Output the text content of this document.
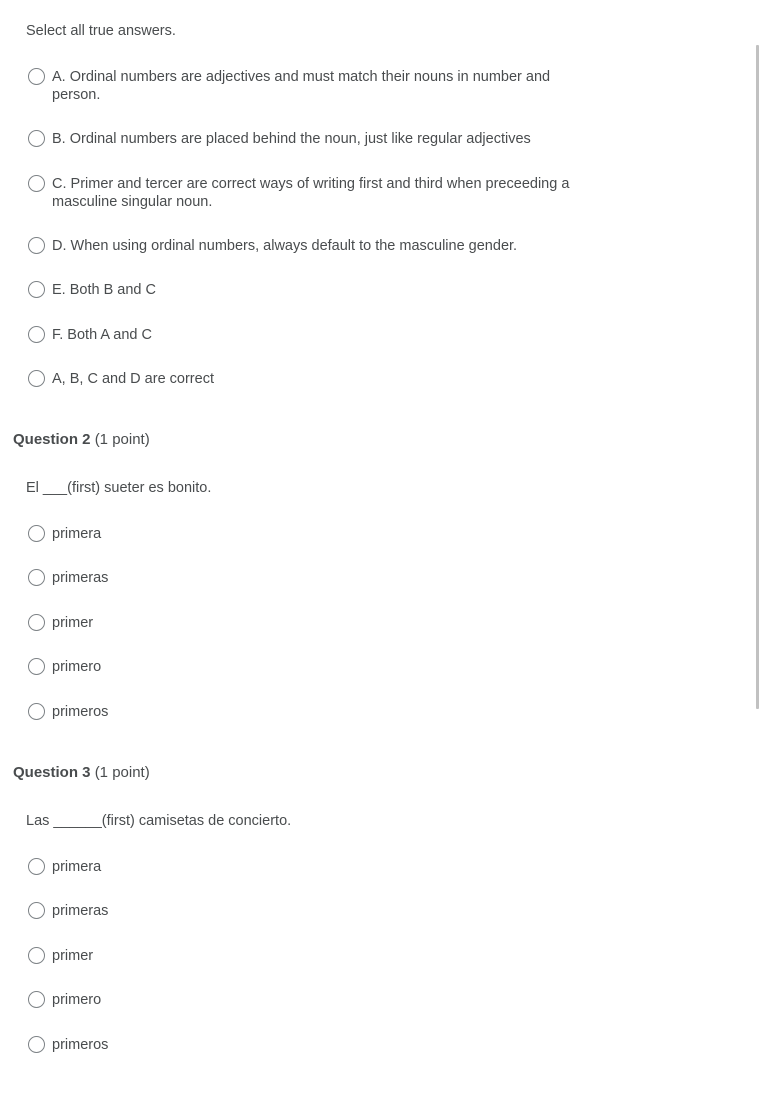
Select all true answers.
A. Ordinal numbers are adjectives and must match their nouns in number and person.
B. Ordinal numbers are placed behind the noun, just like regular adjectives
C. Primer and tercer are correct ways of writing first and third when preceeding a masculine singular noun.
D. When using ordinal numbers, always default to the masculine gender.
E. Both B and C
F. Both A and C
A, B, C and D are correct
Question 2 (1 point)
El ___(first) sueter es bonito.
primera
primeras
primer
primero
primeros
Question 3 (1 point)
Las ______(first) camisetas de concierto.
primera
primeras
primer
primero
primeros
